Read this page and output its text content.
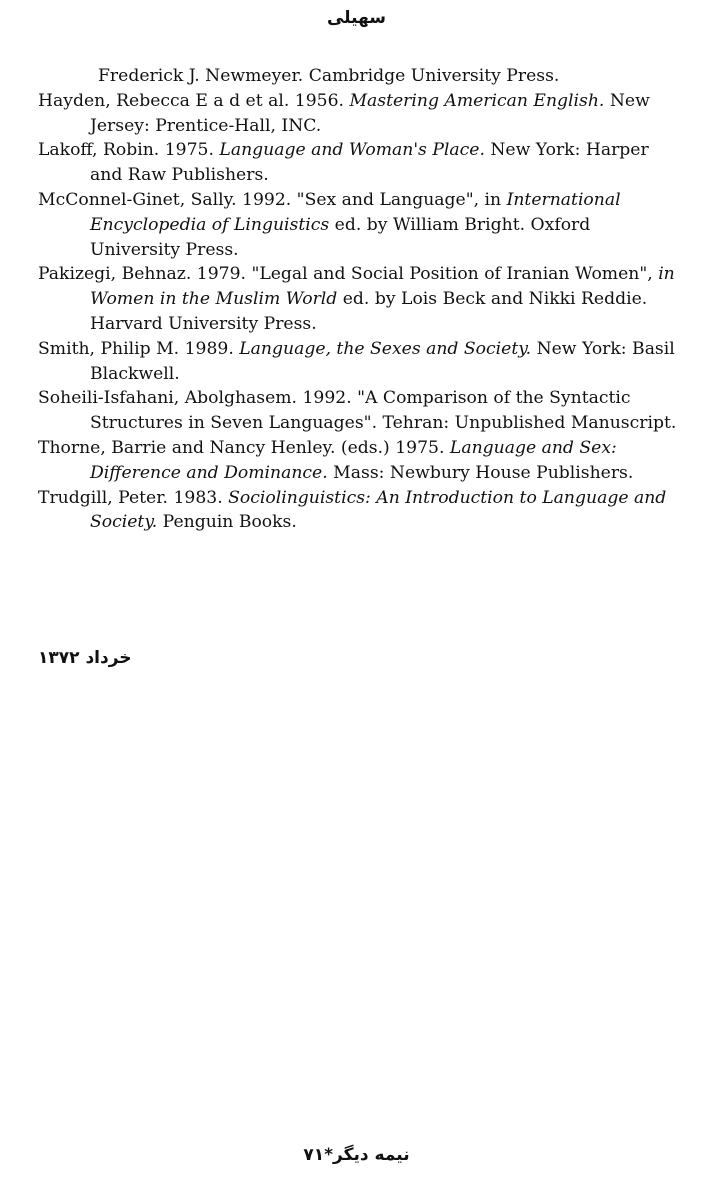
سهیلی

Frederick J. Newmeyer. Cambridge University Press.

Hayden, Rebecca E a d et al. 1956. Mastering American English. New Jersey: Prentice-Hall, INC.

Lakoff, Robin. 1975. Language and Woman's Place. New York: Harper and Raw Publishers.

McConnel-Ginet, Sally. 1992. "Sex and Language", in International Encyclopedia of Linguistics ed. by William Bright. Oxford University Press.

Pakizegi, Behnaz. 1979. "Legal and Social Position of Iranian Women", in Women in the Muslim World ed. by Lois Beck and Nikki Reddie. Harvard University Press.

Smith, Philip M. 1989. Language, the Sexes and Society. New York: Basil Blackwell.

Soheili-Isfahani, Abolghasem. 1992. "A Comparison of the Syntactic Structures in Seven Languages". Tehran: Unpublished Manuscript.

Thorne, Barrie and Nancy Henley. (eds.) 1975. Language and Sex: Difference and Dominance. Mass: Newbury House Publishers.

Trudgill, Peter. 1983. Sociolinguistics: An Introduction to Language and Society. Penguin Books.

خرداد ۱۳۷۲
نیمه دیگر*۷۱
